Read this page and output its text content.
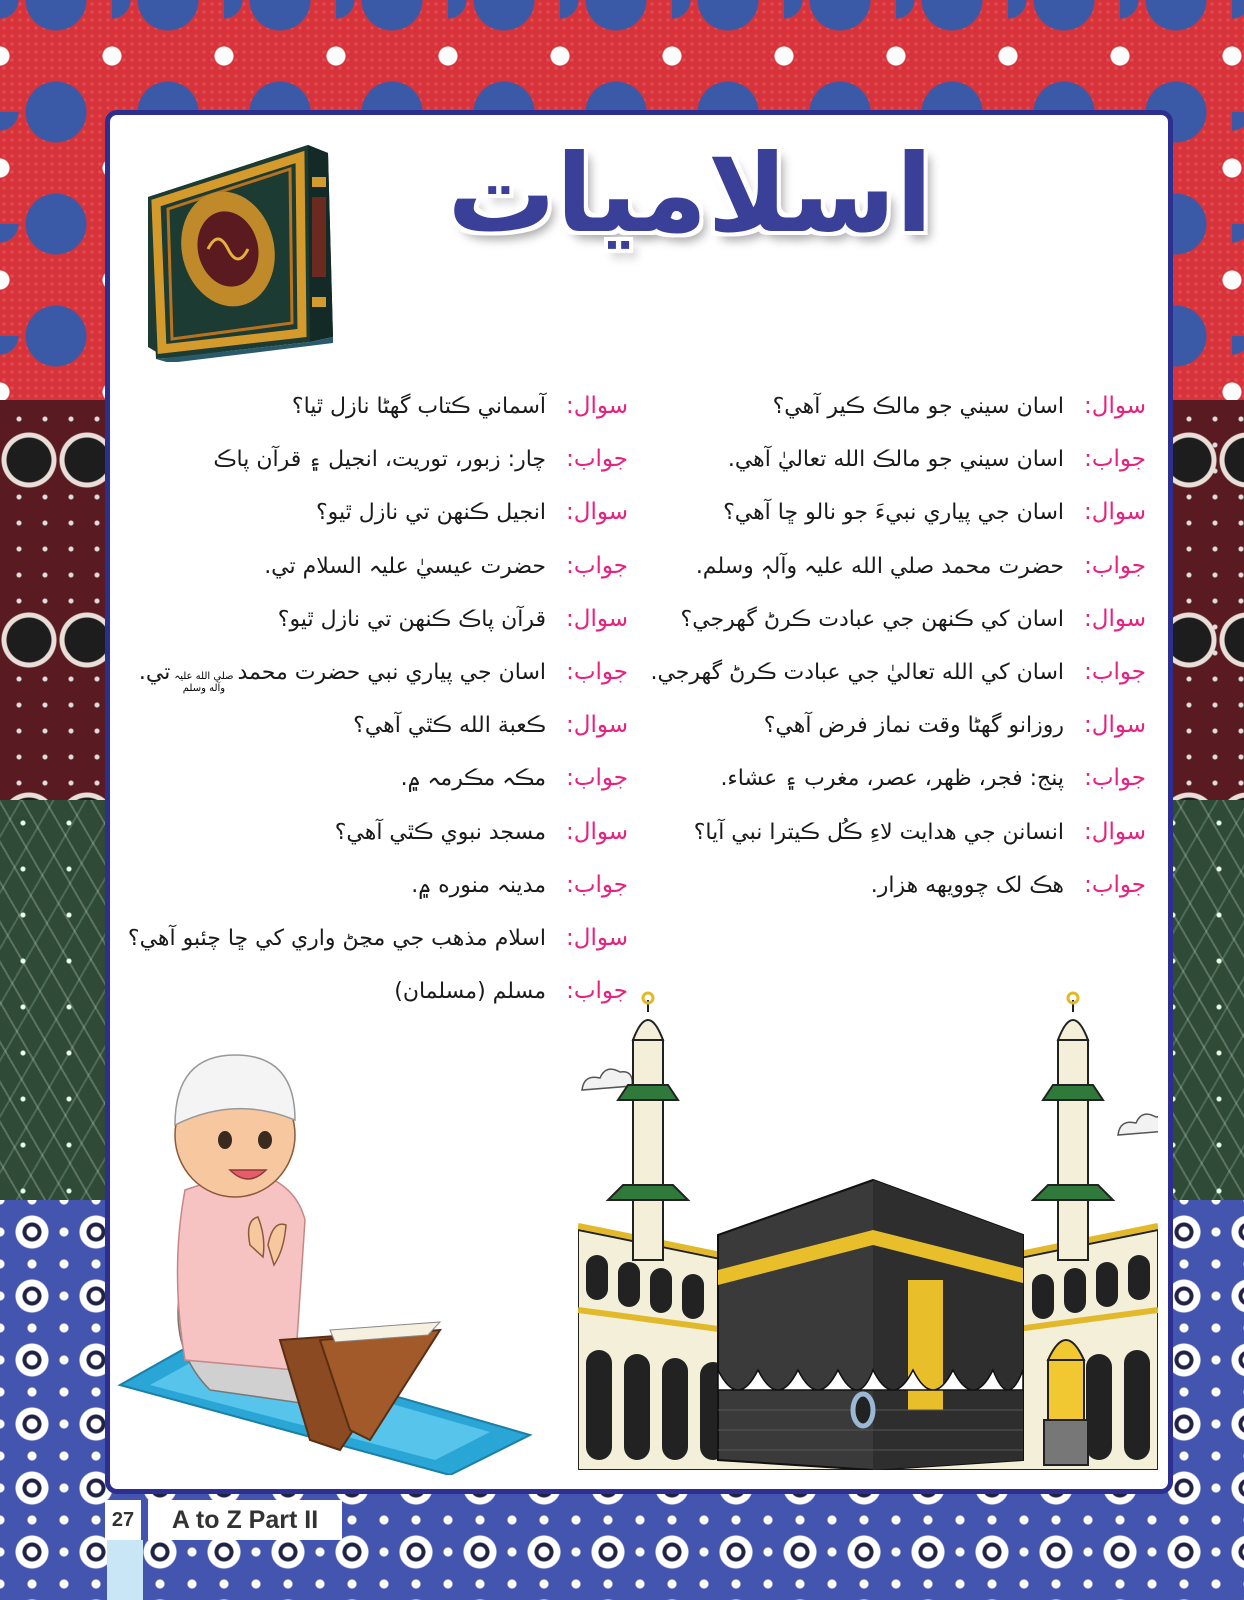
اسلاميات
سوال:
اسان سيني جو مالڪ ڪير آهي؟
جواب:
اسان سيني جو مالڪ الله تعاليٰ آهي.
سوال:
اسان جي پياري نبيءَ جو نالو ڇا آهي؟
جواب:
حضرت محمد صلي الله عليہ وآلہٖ وسلم.
سوال:
اسان کي ڪنهن جي عبادت ڪرڻ گھرجي؟
جواب:
اسان کي الله تعاليٰ جي عبادت ڪرڻ گھرجي.
سوال:
روزانو گھڻا وقت نماز فرض آهي؟
جواب:
پنج: فجر، ظهر، عصر، مغرب ۽ عشاء.
سوال:
انسانن جي هدايت لاءِ ڪُل ڪيترا نبي آيا؟
جواب:
هڪ لک چوويهه هزار.
سوال:
آسماني ڪتاب گھڻا نازل ٿيا؟
جواب:
چار: زبور، توريت، انجيل ۽ قرآن پاڪ
سوال:
انجيل ڪنهن تي نازل ٿيو؟
جواب:
حضرت عيسيٰ عليہ السلام تي.
سوال:
قرآن پاڪ ڪنهن تي نازل ٿيو؟
جواب:
اسان جي پياري نبي حضرت محمد
صلي الله عليہ
وآله وسلم
تي.
سوال:
ڪعبة الله ڪٿي آهي؟
جواب:
مڪہ مڪرمہ ۾.
سوال:
مسجد نبوي ڪٿي آهي؟
جواب:
مدينہ منوره ۾.
سوال:
اسلام مذهب جي مڃڻ واري کي ڇا چئبو آهي؟
جواب:
مسلم (مسلمان)
27	A to Z Part II
